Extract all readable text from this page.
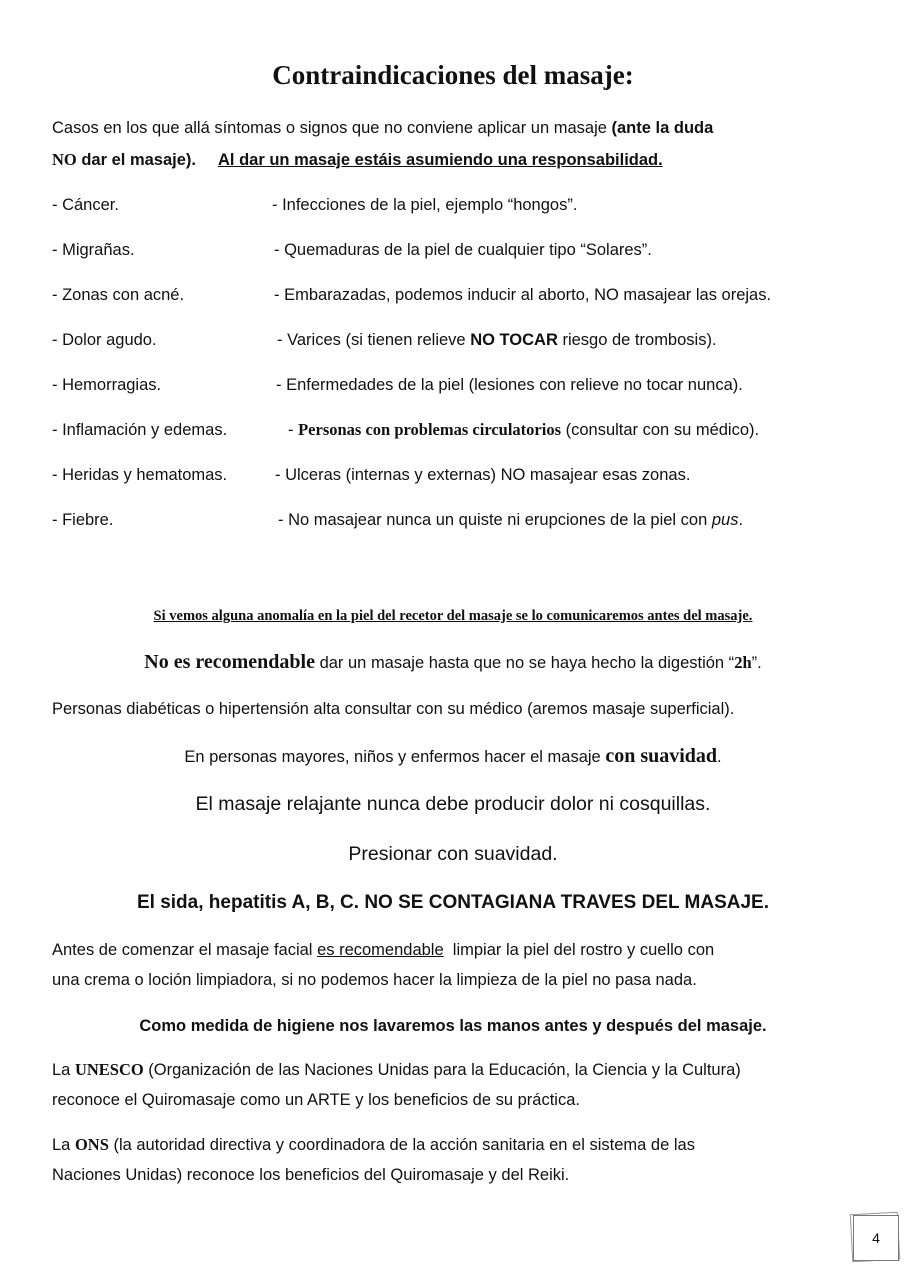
Contraindicaciones del masaje:
Casos en los que allá síntomas o signos que no conviene aplicar un masaje (ante la duda
NO dar el masaje). Al dar un masaje estáis asumiendo una responsabilidad.
- Cáncer.	- Infecciones de la piel, ejemplo “hongos”.
- Migrañas.	- Quemaduras de la piel de cualquier tipo “Solares”.
- Zonas con acné.	- Embarazadas, podemos inducir al aborto, NO masajear las orejas.
- Dolor agudo.	- Varices (si tienen relieve NO TOCAR riesgo de trombosis).
- Hemorragias.	- Enfermedades de la piel (lesiones con relieve no tocar nunca).
- Inflamación y edemas.	- Personas con problemas circulatorios (consultar con su médico).
- Heridas y hematomas.	- Ulceras (internas y externas) NO masajear esas zonas.
- Fiebre.	- No masajear nunca un quiste ni erupciones de la piel con pus.
Si vemos alguna anomalía en la piel del recetor del masaje se lo comunicaremos antes del masaje.
No es recomendable dar un masaje hasta que no se haya hecho la digestión “2h”.
Personas diabéticas o hipertensión alta consultar con su médico (aremos masaje superficial).
En personas mayores, niños y enfermos hacer el masaje con suavidad.
El masaje relajante nunca debe producir dolor ni cosquillas.
Presionar con suavidad.
El sida, hepatitis A, B, C. NO SE CONTAGIANA TRAVES DEL MASAJE.
Antes de comenzar el masaje facial es recomendable  limpiar la piel del rostro y cuello con
una crema o loción limpiadora, si no podemos hacer la limpieza de la piel no pasa nada.
Como medida de higiene nos lavaremos las manos antes y después del masaje.
La UNESCO (Organización de las Naciones Unidas para la Educación, la Ciencia y la Cultura)
reconoce el Quiromasaje como un ARTE y los beneficios de su práctica.
La ONS (la autoridad directiva y coordinadora de la acción sanitaria en el sistema de las
Naciones Unidas) reconoce los beneficios del Quiromasaje y del Reiki.
4
